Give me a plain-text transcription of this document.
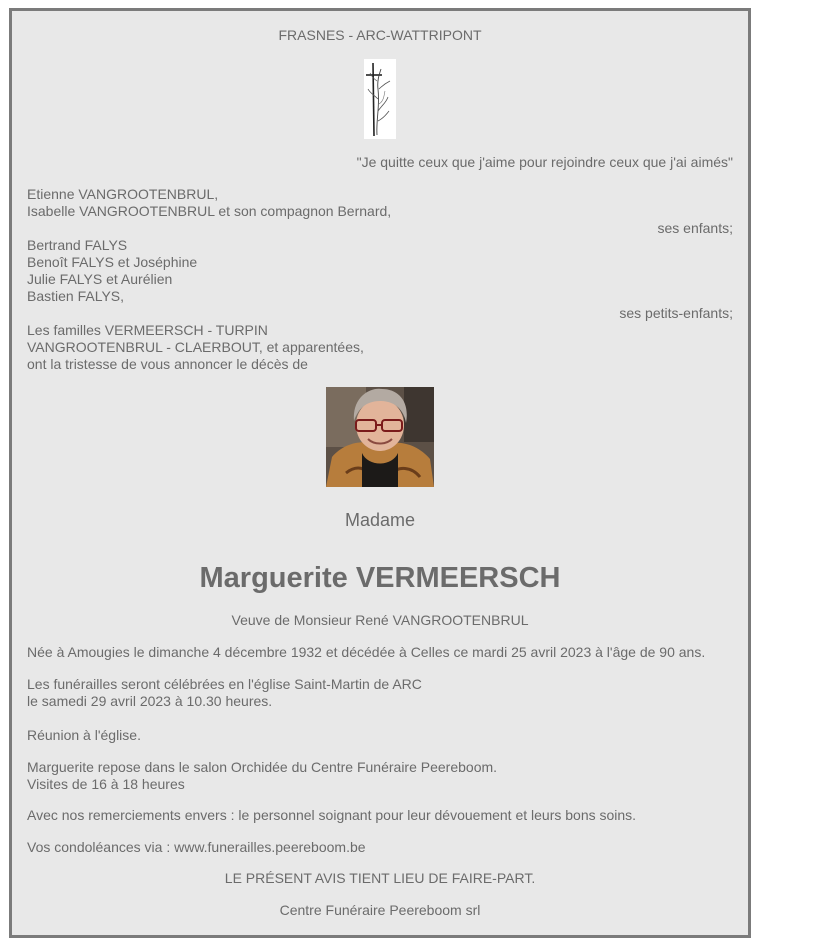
FRASNES - ARC-WATTRIPONT
"Je quitte ceux que j'aime pour rejoindre ceux que j'ai aimés"
Etienne VANGROOTENBRUL,
Isabelle VANGROOTENBRUL et son compagnon Bernard,
ses enfants;
Bertrand FALYS
Benoît FALYS et Joséphine
Julie FALYS et Aurélien
Bastien FALYS,
ses petits-enfants;
Les familles VERMEERSCH - TURPIN
VANGROOTENBRUL - CLAERBOUT, et apparentées,
ont la tristesse de vous annoncer le décès de
Madame
Marguerite VERMEERSCH
Veuve de Monsieur René VANGROOTENBRUL
Née à Amougies le dimanche 4 décembre 1932 et décédée à Celles ce mardi 25 avril 2023 à l'âge de 90 ans.
Les funérailles seront célébrées en l'église Saint-Martin de ARC
le samedi 29 avril 2023 à 10.30 heures.
Réunion à l'église.
Marguerite repose dans le salon Orchidée du Centre Funéraire Peereboom.
Visites de 16 à 18 heures
Avec nos remerciements envers : le personnel soignant pour leur dévouement et leurs bons soins.
Vos condoléances via : www.funerailles.peereboom.be
LE PRÉSENT AVIS TIENT LIEU DE FAIRE-PART.
Centre Funéraire Peereboom srl
